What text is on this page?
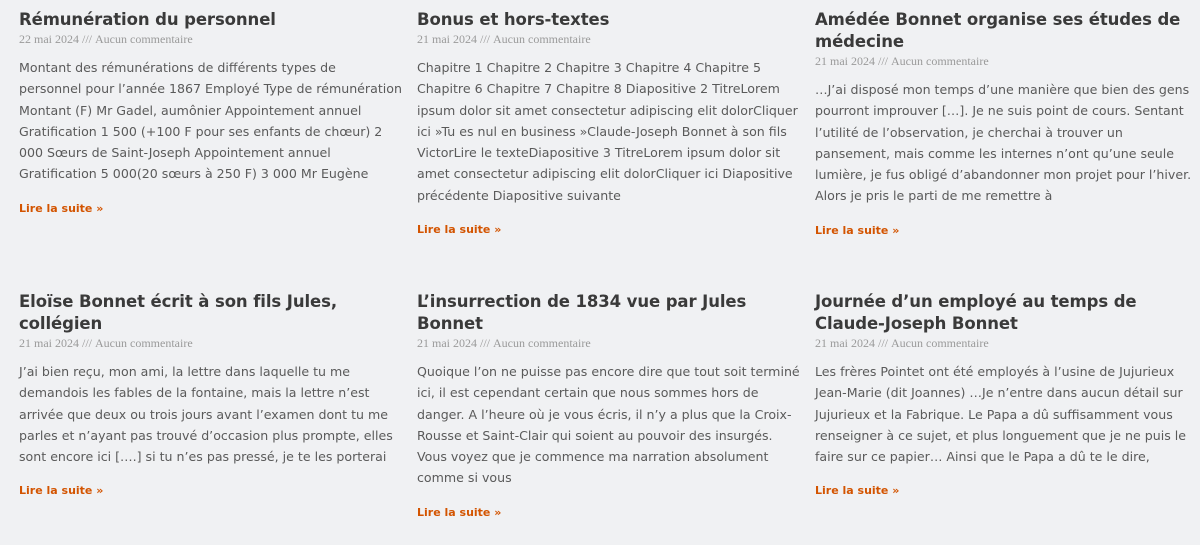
Rémunération du personnel

22 mai 2024 /// Aucun commentaire

Montant des rémunérations de différents types de personnel pour l’année 1867 Employé Type de rémunération Montant (F) Mr Gadel, aumônier Appointement annuel Gratification 1 500 (+100 F pour ses enfants de chœur) 2 000 Sœurs de Saint-Joseph Appointement annuel Gratification 5 000(20 sœurs à 250 F) 3 000 Mr Eugène

Lire la suite »
Bonus et hors-textes

21 mai 2024 /// Aucun commentaire

Chapitre 1 Chapitre 2 Chapitre 3 Chapitre 4 Chapitre 5 Chapitre 6 Chapitre 7 Chapitre 8 Diapositive 2 TitreLorem ipsum dolor sit amet consectetur adipiscing elit dolorCliquer ici »Tu es nul en business »Claude-Joseph Bonnet à son fils VictorLire le texteDiapositive 3 TitreLorem ipsum dolor sit amet consectetur adipiscing elit dolorCliquer ici Diapositive précédente Diapositive suivante

Lire la suite »
Amédée Bonnet organise ses études de médecine

21 mai 2024 /// Aucun commentaire

…J’ai disposé mon temps d’une manière que bien des gens pourront improuver […]. Je ne suis point de cours. Sentant l’utilité de l’observation, je cherchai à trouver un pansement, mais comme les internes n’ont qu’une seule lumière, je fus obligé d’abandonner mon projet pour l’hiver. Alors je pris le parti de me remettre à

Lire la suite »
Eloïse Bonnet écrit à son fils Jules, collégien

21 mai 2024 /// Aucun commentaire

J’ai bien reçu, mon ami, la lettre dans laquelle tu me demandois les fables de la fontaine, mais la lettre n’est arrivée que deux ou trois jours avant l’examen dont tu me parles et n’ayant pas trouvé d’occasion plus prompte, elles sont encore ici [….] si tu n’es pas pressé, je te les porterai

Lire la suite »
L’insurrection de 1834 vue par Jules Bonnet

21 mai 2024 /// Aucun commentaire

Quoique l’on ne puisse pas encore dire que tout soit terminé ici, il est cependant certain que nous sommes hors de danger. A l’heure où je vous écris, il n’y a plus que la Croix-Rousse et Saint-Clair qui soient au pouvoir des insurgés. Vous voyez que je commence ma narration absolument comme si vous

Lire la suite »
Journée d’un employé au temps de Claude-Joseph Bonnet

21 mai 2024 /// Aucun commentaire

Les frères Pointet ont été employés à l’usine de Jujurieux Jean-Marie (dit Joannes) …Je n’entre dans aucun détail sur Jujurieux et la Fabrique. Le Papa a dû suffisamment vous renseigner à ce sujet, et plus longuement que je ne puis le faire sur ce papier… Ainsi que le Papa a dû te le dire,

Lire la suite »
